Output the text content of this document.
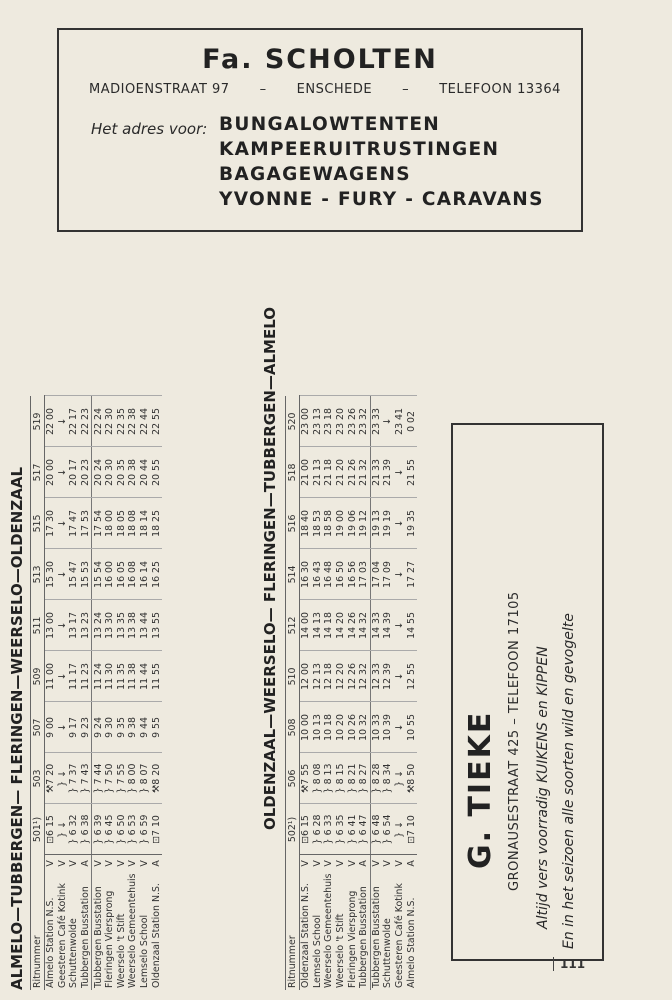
Fa. SCHOLTEN
MADIOENSTRAAT 97 – ENSCHEDE – TELEFOON 13364
Het adres voor: BUNGALOWTENTEN
KAMPEERUITRUSTINGEN
BAGAGEWAGENS
YVONNE - FURY - CARAVANS
ALMELO—TUBBERGEN— FLERINGEN—WEERSELO—OLDENZAAL Ritnummer		501¹)	503	507	509	511	513	515	517	519
Almelo Station N.S.	V	⊡6 15	⚒7 20	9 00	11 00	13 00	15 30	17 30	20 00	22 00
Geesteren Café Kotink	V	} ↓	} ↓	↓	↓	↓	↓	↓	↓	↓
Schuttenwolde	V	} 6 32	} 7 37	9 17	11 17	13 17	15 47	17 47	20 17	22 17
Tubbergen Busstation	A	} 6 38	} 7 43	9 23	11 23	13 23	15 53	17 53	20 23	22 23
Tubbergen Busstation	V	} 6 39	} 7 44	9 24	11 24	13 24	15 54	17 54	20 24	22 24
Fleringen Viersprong	V	} 6 45	} 7 50	9 30	11 30	13 30	16 00	18 00	20 30	22 30
Weerselo 't Stift	V	} 6 50	} 7 55	9 35	11 35	13 35	16 05	18 05	20 35	22 35
Weerselo Gemeentehuis	V	} 6 53	} 8 00	9 38	11 38	13 38	16 08	18 08	20 38	22 38
Lemselo School	V	} 6 59	} 8 07	9 44	11 44	13 44	16 14	18 14	20 44	22 44
Oldenzaal Station N.S.	A	⊡7 10	⚒8 20	9 55	11 55	13 55	16 25	18 25	20 55	22 55	OLDENZAAL—WEERSELO— FLERINGEN—TUBBERGEN—ALMELO
Ritnummer		502¹)	506	508	510	512	514	516	518	520
Oldenzaal Station N.S.	V	⊡6 15	⚒7 55	10 00	12 00	14 00	16 30	18 40	21 00	23 00
Lemselo School	V	} 6 28	} 8 08	10 13	12 13	14 13	16 43	18 53	21 13	23 13
Weerselo Gemeentehuis	V	} 6 33	} 8 13	10 18	12 18	14 18	16 48	18 58	21 18	23 18
Weerselo 't Stift	V	} 6 35	} 8 15	10 20	12 20	14 20	16 50	19 00	21 20	23 20
Fleringen Viersprong	V	} 6 41	} 8 21	10 26	12 26	14 26	16 56	19 06	21 26	23 26
Tubbergen Busstation	A	} 6 47	} 8 27	10 32	12 32	14 32	17 03	19 12	21 32	23 32
Tubbergen Busstation	V	} 6 48	} 8 28	10 33	12 33	14 33	17 04	19 13	21 33	23 33
Schuttenwolde	V	} 6 54	} 8 34	10 39	12 39	14 39	17 09	19 19	21 39	↓
Geesteren Café Kotink	V	} ↓	} ↓	↓	↓	↓	↓	↓	↓	23 41
Almelo Station N.S.	A	⊡7 10	⚒8 50	10 55	12 55	14 55	17 27	19 35	21 55	0 02
G. TIEKE GRONAUSESTRAAT 425 – TELEFOON 17105 Altijd vers voorradig KUIKENS en KIPPEN En in het seizoen alle soorten wild en gevogelte
111
